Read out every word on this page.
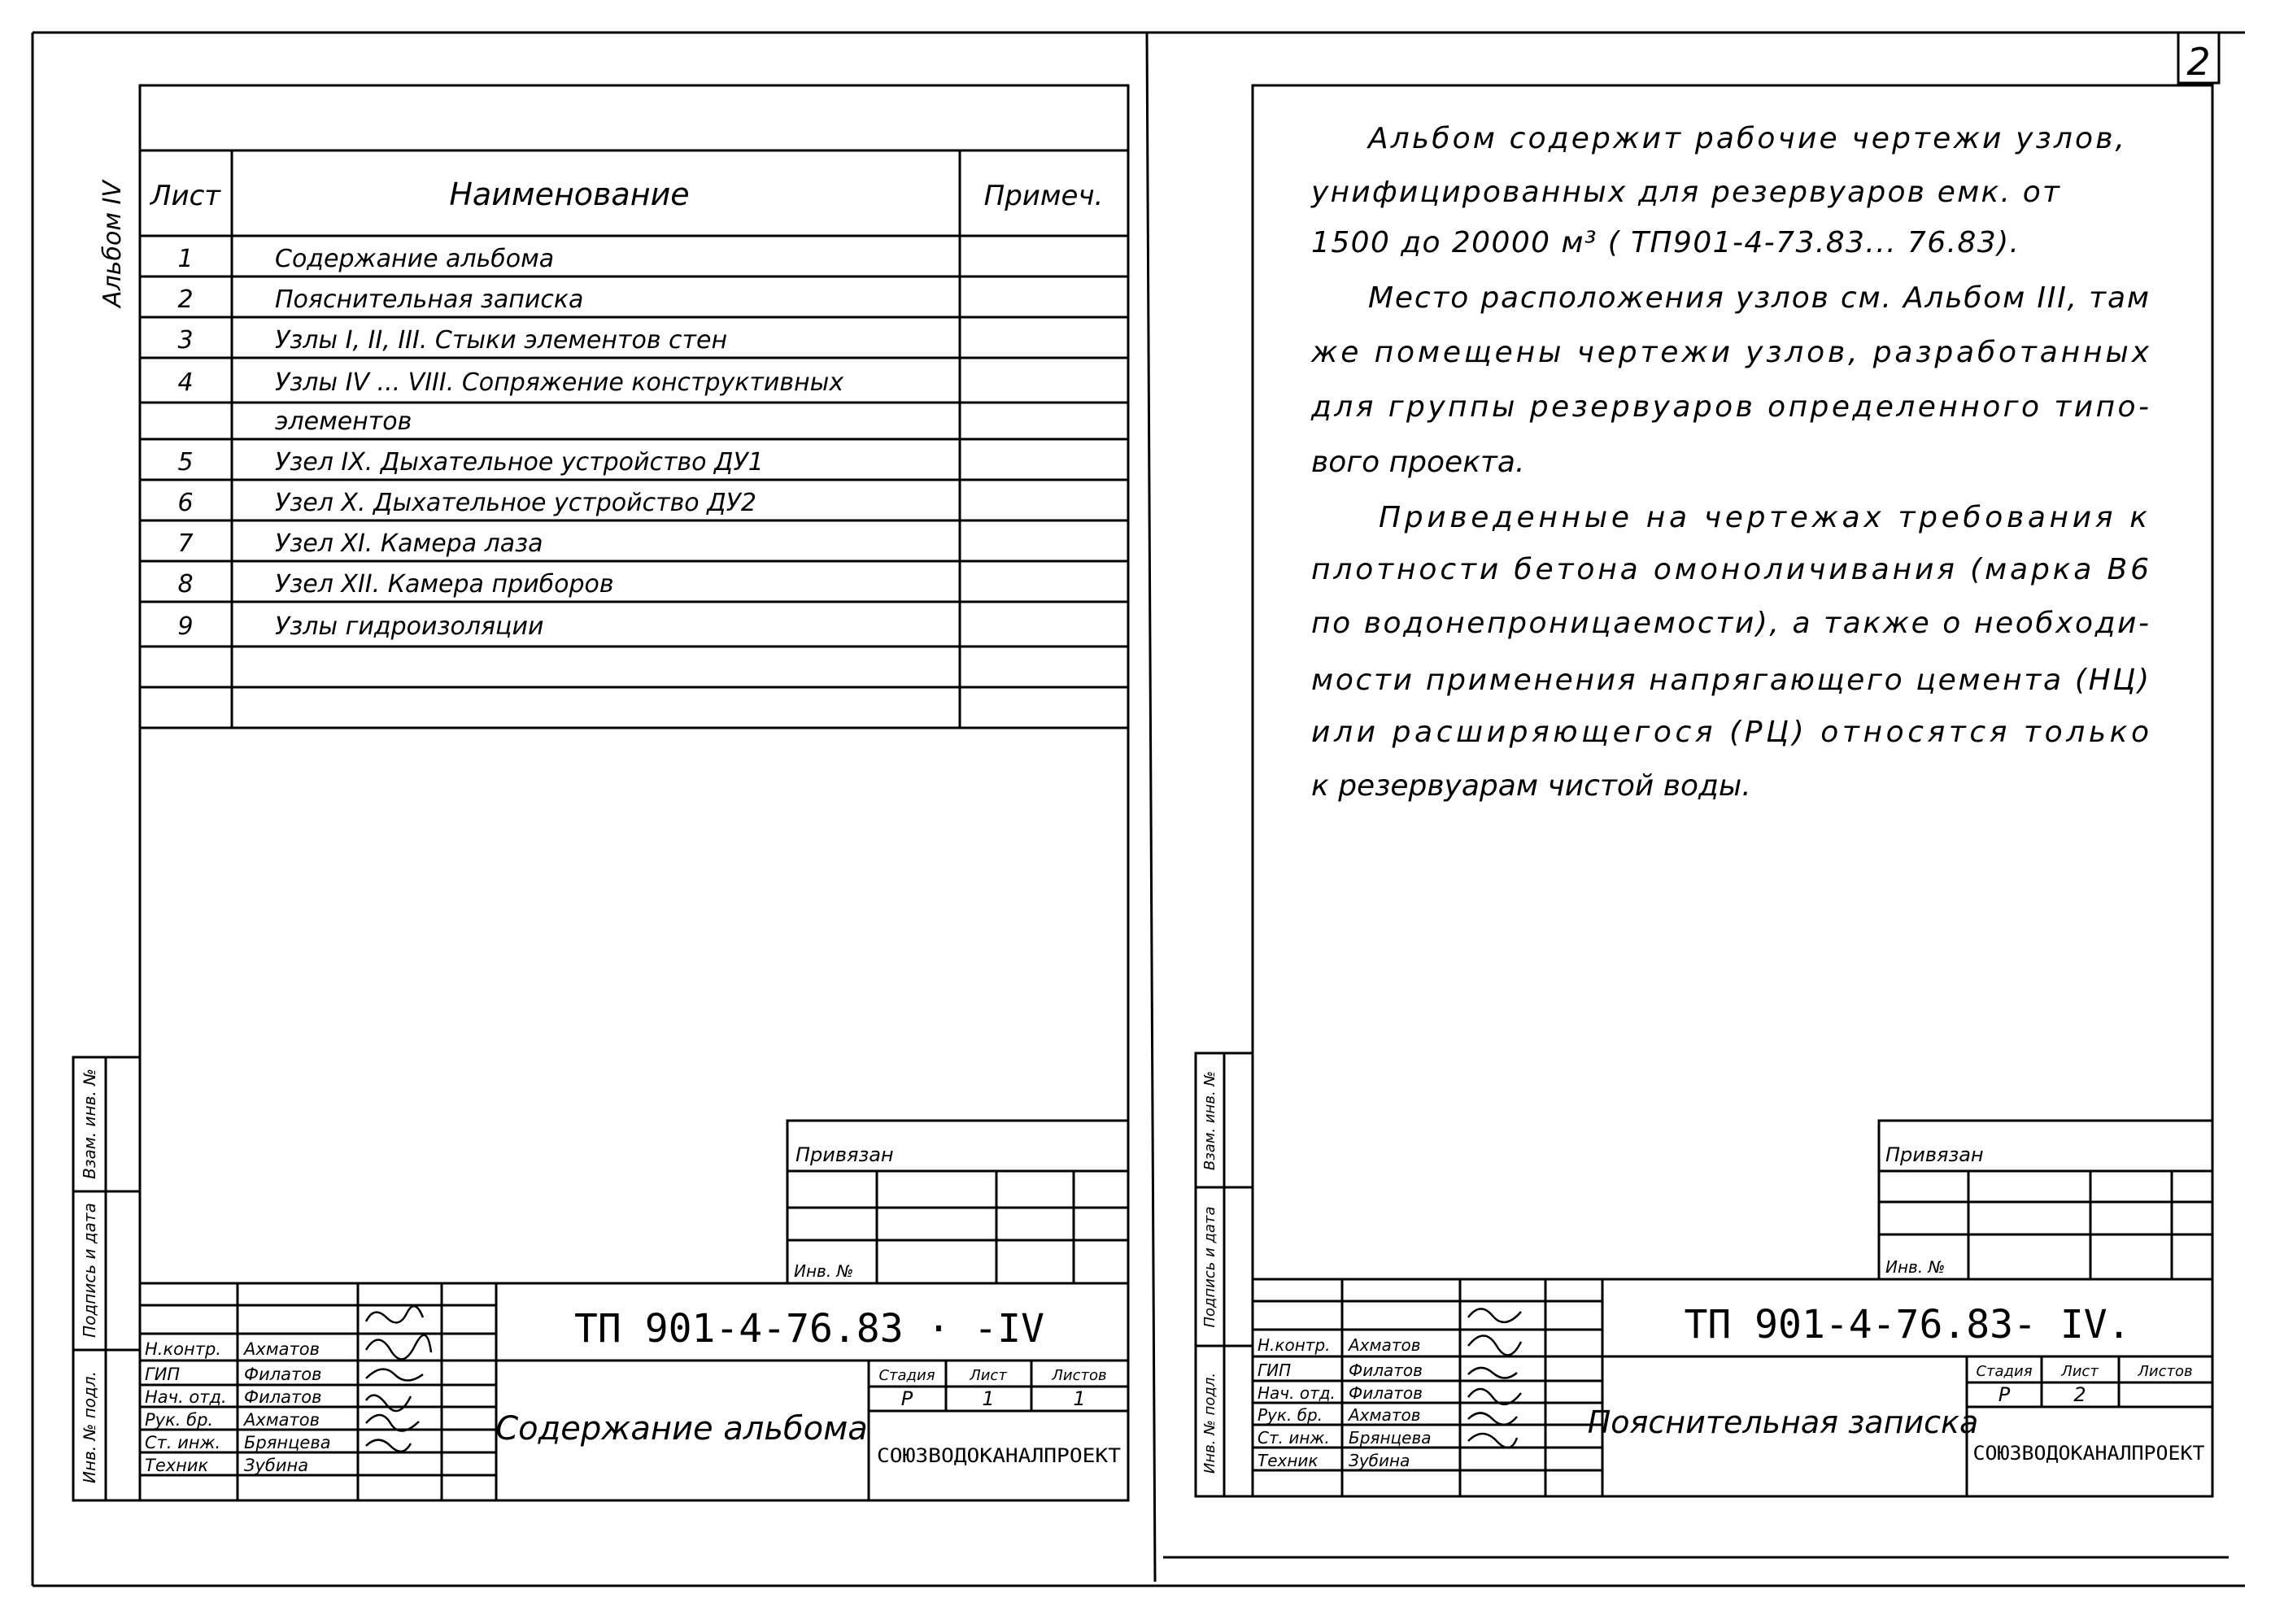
2
Альбом IV
Инв. № подл.
Подпись и дата
Взам. инв. №
Лист	Наименование	Примеч.
1	Содержание альбома
2	Пояснительная записка
3	Узлы I, II, III. Стыки элементов стен
4	Узлы IV ... VIII. Сопряжение конструктивных
элементов
5	Узел IX. Дыхательное устройство ДУ1
6	Узел X. Дыхательное устройство ДУ2
7	Узел XI. Камера лаза
8	Узел XII. Камера приборов
9	Узлы гидроизоляции
Привязан
Инв. №
ТП 901-4-76.83 · -IV
Содержание альбома
Стадия Лист	Листов
Р	1	1
СОЮЗВОДОКАНАЛПРОЕКТ
Н.контр. Ахматов
ГИП	Филатов
Нач. отд. Филатов
Рук. бр. Ахматов
Ст. инж. Брянцева
Техник Зубина	Инв. № подл.
Подпись и дата
Взам. инв. №
Альбом содержит рабочие чертежи узлов,
унифицированных для резервуаров емк. от
1500 до 20000 м³ ( ТП901-4-73.83... 76.83).
Место расположения узлов см. Альбом III, там
же помещены чертежи узлов, разработанных
для группы резервуаров определенного типо-
вого проекта.
Приведенные на чертежах требования к
плотности бетона омоноличивания (марка В6
по водонепроницаемости), а также о необходи-
мости применения напрягающего цемента (НЦ)
или расширяющегося (РЦ) относятся только
к резервуарам чистой воды.
Привязан
Инв. №
ТП 901-4-76.83- IV.
Пояснительная записка
Стадия Лист	Листов
Р	2
СОЮЗВОДОКАНАЛПРОЕКТ
Н.контр. Ахматов
ГИП	Филатов
Нач. отд. Филатов
Рук. бр. Ахматов
Ст. инж. Брянцева
Техник Зубина
